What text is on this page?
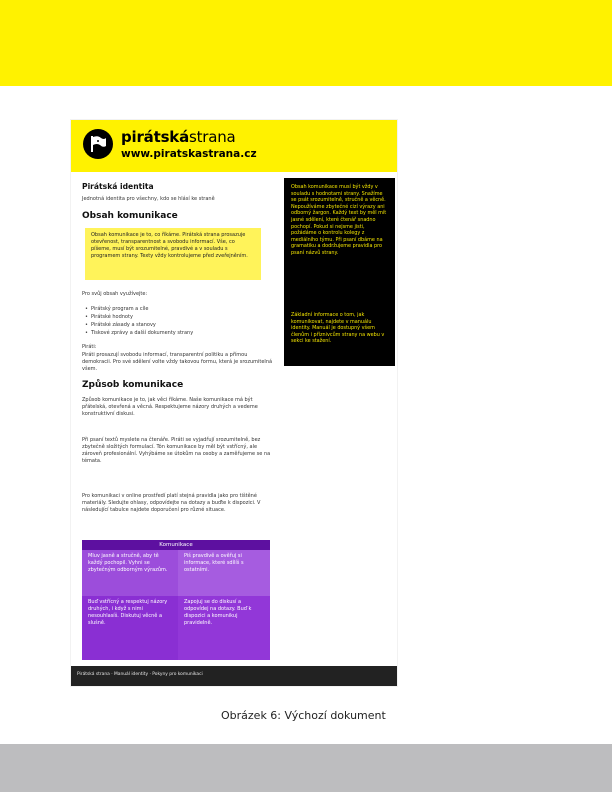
pirátskástrana
www.piratskastrana.cz

Pirátská identita

Jednotná identita pro všechny, kdo se hlásí ke straně

Obsah komunikace

Obsah komunikace je to, co říkáme. Pirátská strana prosazuje otevřenost, transparentnost a svobodu informací. Vše, co píšeme, musí být srozumitelné, pravdivé a v souladu s programem strany. Texty vždy kontrolujeme před zveřejněním.

Obsah komunikace musí být vždy v souladu s hodnotami strany. Snažíme se psát srozumitelně, stručně a věcně. Nepoužíváme zbytečné cizí výrazy ani odborný žargon. Každý text by měl mít jasné sdělení, které čtenář snadno pochopí. Pokud si nejsme jisti, požádáme o kontrolu kolegy z mediálního týmu. Při psaní dbáme na gramatiku a dodržujeme pravidla pro psaní názvů strany.

Základní informace o tom, jak komunikovat, najdete v manuálu identity. Manuál je dostupný všem členům i příznivcům strany na webu v sekci ke stažení.

Pro svůj obsah využívejte:

• Pirátský program a cíle
• Pirátské hodnoty
• Pirátské zásady a stanovy
• Tiskové zprávy a další dokumenty strany

Piráti:

Piráti prosazují svobodu informací, transparentní politiku a přímou demokracii. Pro své sdělení volte vždy takovou formu, která je srozumitelná všem.

Způsob komunikace

Způsob komunikace je to, jak věci říkáme. Naše komunikace má být přátelská, otevřená a věcná. Respektujeme názory druhých a vedeme konstruktivní diskusi.

Při psaní textů myslete na čtenáře. Piráti se vyjadřují srozumitelně, bez zbytečně složitých formulací. Tón komunikace by měl být vstřícný, ale zároveň profesionální. Vyhýbáme se útokům na osoby a zaměřujeme se na témata.

Pro komunikaci v online prostředí platí stejná pravidla jako pro tištěné materiály. Sledujte ohlasy, odpovídejte na dotazy a buďte k dispozici. V následující tabulce najdete doporučení pro různé situace.

Komunikace
Mluv jasně a stručně, aby tě každý pochopil. Vyhni se zbytečným odborným výrazům.
Piš pravdivě a ověřuj si informace, které sdílíš s ostatními.
Buď vstřícný a respektuj názory druhých, i když s nimi nesouhlasíš. Diskutuj věcně a slušně.
Zapojuj se do diskusí a odpovídej na dotazy. Buď k dispozici a komunikuj pravidelně.

Pirátská strana · Manuál identity · Pokyny pro komunikaci

Obrázek 6: Výchozí dokument
